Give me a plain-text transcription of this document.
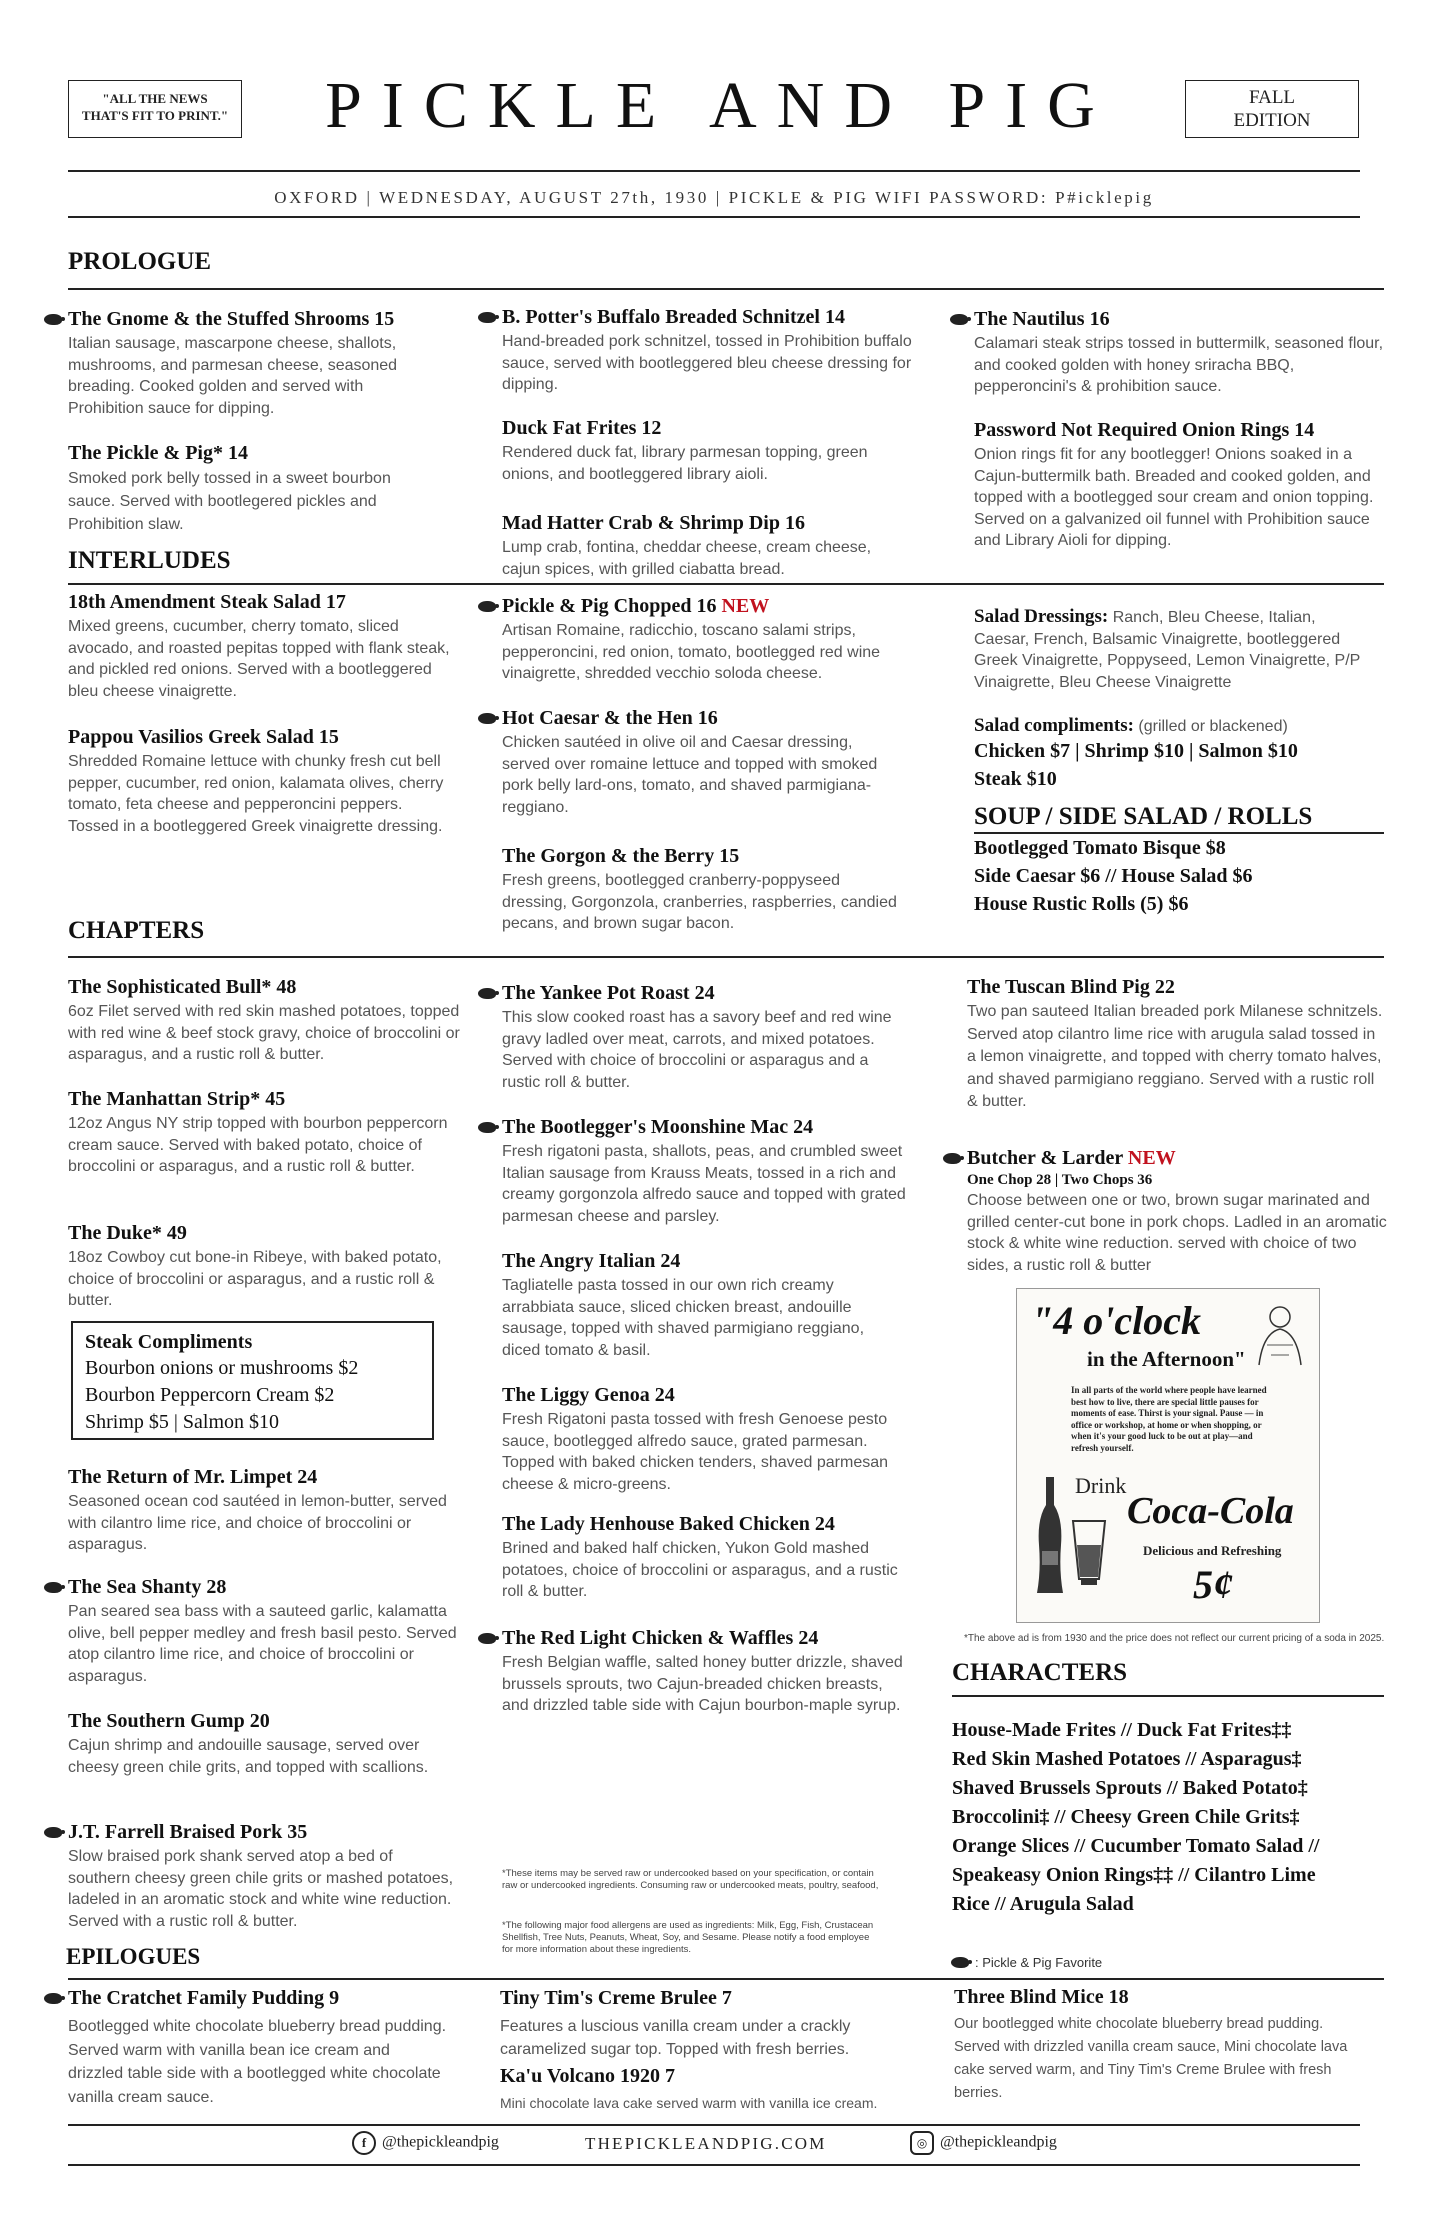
"ALL THE NEWS THAT'S FIT TO PRINT."	PICKLE AND PIG	FALL
EDITION
OXFORD | WEDNESDAY, AUGUST 27th, 1930 | PICKLE & PIG WIFI PASSWORD: P#icklepig
PROLOGUE
The Gnome & the Stuffed Shrooms 15

Italian sausage, mascarpone cheese, shallots, mushrooms, and parmesan cheese, seasoned breading. Cooked golden and served with Prohibition sauce for dipping.

The Pickle & Pig* 14

Smoked pork belly tossed in a sweet bourbon sauce. Served with bootlegered pickles and Prohibition slaw.

B. Potter's Buffalo Breaded Schnitzel 14

Hand-breaded pork schnitzel, tossed in Prohibition buffalo sauce, served with bootleggered bleu cheese dressing for dipping.

Duck Fat Frites 12

Rendered duck fat, library parmesan topping, green onions, and bootleggered library aioli.

Mad Hatter Crab & Shrimp Dip 16

Lump crab, fontina, cheddar cheese, cream cheese, cajun spices, with grilled ciabatta bread.

The Nautilus 16

Calamari steak strips tossed in buttermilk, seasoned flour, and cooked golden with honey sriracha BBQ, pepperoncini's & prohibition sauce.

Password Not Required Onion Rings 14

Onion rings fit for any bootlegger! Onions soaked in a Cajun-buttermilk bath. Breaded and cooked golden, and topped with a bootlegged sour cream and onion topping. Served on a galvanized oil funnel with Prohibition sauce and Library Aioli for dipping.

INTERLUDES
18th Amendment Steak Salad 17

Mixed greens, cucumber, cherry tomato, sliced avocado, and roasted pepitas topped with flank steak, and pickled red onions. Served with a bootleggered bleu cheese vinaigrette.

Pappou Vasilios Greek Salad 15

Shredded Romaine lettuce with chunky fresh cut bell pepper, cucumber, red onion, kalamata olives, cherry tomato, feta cheese and pepperoncini peppers. Tossed in a bootleggered Greek vinaigrette dressing.

Pickle & Pig Chopped 16 NEW

Artisan Romaine, radicchio, toscano salami strips, pepperoncini, red onion, tomato, bootlegged red wine vinaigrette, shredded vecchio soloda cheese.

Hot Caesar & the Hen 16

Chicken sautéed in olive oil and Caesar dressing, served over romaine lettuce and topped with smoked pork belly lard-ons, tomato, and shaved parmigiana-reggiano.

The Gorgon & the Berry 15

Fresh greens, bootlegged cranberry-poppyseed dressing, Gorgonzola, cranberries, raspberries, candied pecans, and brown sugar bacon.

Salad Dressings: Ranch, Bleu Cheese, Italian, Caesar, French, Balsamic Vinaigrette, bootleggered Greek Vinaigrette, Poppyseed, Lemon Vinaigrette, P/P Vinaigrette, Bleu Cheese Vinaigrette
Salad compliments: (grilled or blackened)

Chicken $7 | Shrimp $10 | Salmon $10

Steak $10

SOUP / SIDE SALAD / ROLLS

Bootlegged Tomato Bisque $8

Side Caesar $6 // House Salad $6

House Rustic Rolls (5) $6

CHAPTERS
The Sophisticated Bull* 48

6oz Filet served with red skin mashed potatoes, topped with red wine & beef stock gravy, choice of broccolini or asparagus, and a rustic roll & butter.

The Manhattan Strip* 45

12oz Angus NY strip topped with bourbon peppercorn cream sauce. Served with baked potato, choice of broccolini or asparagus, and a rustic roll & butter.

The Duke* 49

18oz Cowboy cut bone-in Ribeye, with baked potato, choice of broccolini or asparagus, and a rustic roll & butter.

Steak Compliments
Bourbon onions or mushrooms $2
Bourbon Peppercorn Cream $2
Shrimp $5 | Salmon $10
The Return of Mr. Limpet 24

Seasoned ocean cod sautéed in lemon-butter, served with cilantro lime rice, and choice of broccolini or asparagus.

The Sea Shanty 28

Pan seared sea bass with a sauteed garlic, kalamatta olive, bell pepper medley and fresh basil pesto. Served atop cilantro lime rice, and choice of broccolini or asparagus.

The Southern Gump 20

Cajun shrimp and andouille sausage, served over cheesy green chile grits, and topped with scallions.

J.T. Farrell Braised Pork 35

Slow braised pork shank served atop a bed of southern cheesy green chile grits or mashed potatoes, ladeled in an aromatic stock and white wine reduction. Served with a rustic roll & butter.

The Yankee Pot Roast 24

This slow cooked roast has a savory beef and red wine gravy ladled over meat, carrots, and mixed potatoes. Served with choice of broccolini or asparagus and a rustic roll & butter.

The Bootlegger's Moonshine Mac 24

Fresh rigatoni pasta, shallots, peas, and crumbled sweet Italian sausage from Krauss Meats, tossed in a rich and creamy gorgonzola alfredo sauce and topped with grated parmesan cheese and parsley.

The Angry Italian 24

Tagliatelle pasta tossed in our own rich creamy arrabbiata sauce, sliced chicken breast, andouille sausage, topped with shaved parmigiano reggiano, diced tomato & basil.

The Liggy Genoa 24

Fresh Rigatoni pasta tossed with fresh Genoese pesto sauce, bootlegged alfredo sauce, grated parmesan. Topped with baked chicken tenders, shaved parmesan cheese & micro-greens.

The Lady Henhouse Baked Chicken 24

Brined and baked half chicken, Yukon Gold mashed potatoes, choice of broccolini or asparagus, and a rustic roll & butter.

The Red Light Chicken & Waffles 24

Fresh Belgian waffle, salted honey butter drizzle, shaved brussels sprouts, two Cajun-breaded chicken breasts, and drizzled table side with Cajun bourbon-maple syrup.

The Tuscan Blind Pig 22

Two pan sauteed Italian breaded pork Milanese schnitzels. Served atop cilantro lime rice with arugula salad tossed in a lemon vinaigrette, and topped with cherry tomato halves, and shaved parmigiano reggiano. Served with a rustic roll & butter.

Butcher & Larder NEW
One Chop 28 | Two Chops 36

Choose between one or two, brown sugar marinated and grilled center-cut bone in pork chops. Ladled in an aromatic stock & white wine reduction. served with choice of two sides, a rustic roll & butter

"4 o'clock
in the Afternoon"
In all parts of the world where people have learned best how to live, there are special little pauses for moments of ease. Thirst is your signal. Pause — in office or workshop, at home or when shopping, or when it's your good luck to be out at play—and refresh yourself.
Drink
Coca-Cola
Delicious and Refreshing
5¢
*The above ad is from 1930 and the price does not reflect our current pricing of a soda in 2025.
CHARACTERS

House-Made Frites // Duck Fat Frites‡‡

Red Skin Mashed Potatoes // Asparagus‡

Shaved Brussels Sprouts // Baked Potato‡

Broccolini‡ // Cheesy Green Chile Grits‡

Orange Slices // Cucumber Tomato Salad //

Speakeasy Onion Rings‡‡ // Cilantro Lime

Rice // Arugula Salad

: Pickle & Pig Favorite
*These items may be served raw or undercooked based on your specification, or contain raw or undercooked ingredients. Consuming raw or undercooked meats, poultry, seafood,
*The following major food allergens are used as ingredients: Milk, Egg, Fish, Crustacean Shellfish, Tree Nuts, Peanuts, Wheat, Soy, and Sesame. Please notify a food employee for more information about these ingredients.
EPILOGUES
The Cratchet Family Pudding 9

Bootlegged white chocolate blueberry bread pudding. Served warm with vanilla bean ice cream and drizzled table side with a bootlegged white chocolate vanilla cream sauce.

Tiny Tim's Creme Brulee 7

Features a luscious vanilla cream under a crackly caramelized sugar top. Topped with fresh berries.

Ka'u Volcano 1920 7

Mini chocolate lava cake served warm with vanilla ice cream.

Three Blind Mice 18

Our bootlegged white chocolate blueberry bread pudding. Served with drizzled vanilla cream sauce, Mini chocolate lava cake served warm, and Tiny Tim's Creme Brulee with fresh berries.

f @thepickleandpig	THEPICKLEANDPIG.COM	◎ @thepickleandpig
